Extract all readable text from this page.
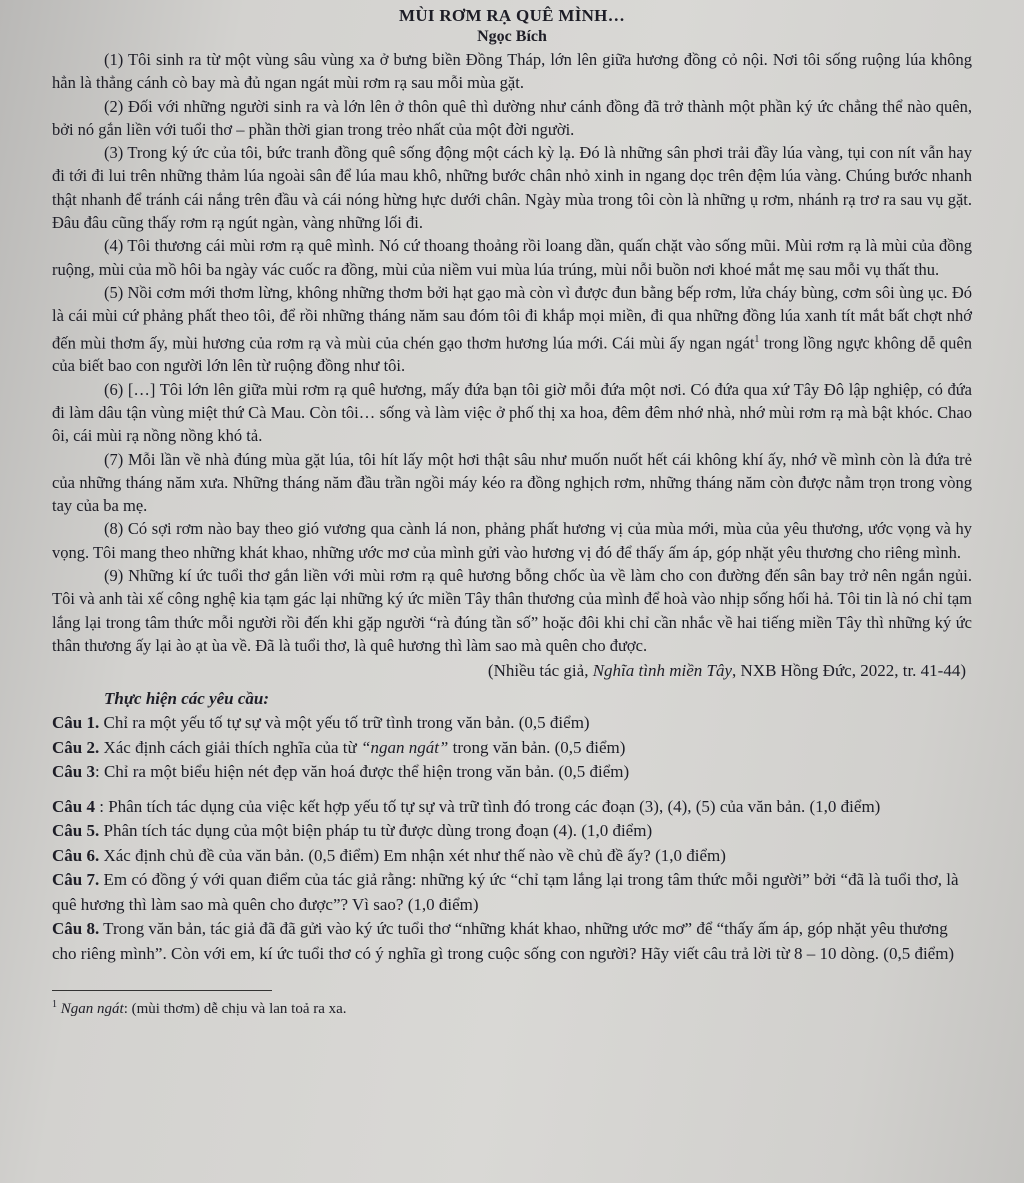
MÙI RƠM RẠ QUÊ MÌNH…
Ngọc Bích

(1) Tôi sinh ra từ một vùng sâu vùng xa ở bưng biền Đồng Tháp, lớn lên giữa hương đồng cỏ nội. Nơi tôi sống ruộng lúa không hẳn là thẳng cánh cò bay mà đủ ngan ngát mùi rơm rạ sau mỗi mùa gặt.

(2) Đối với những người sinh ra và lớn lên ở thôn quê thì dường như cánh đồng đã trở thành một phần ký ức chẳng thể nào quên, bởi nó gắn liền với tuổi thơ – phần thời gian trong trẻo nhất của một đời người.

(3) Trong ký ức của tôi, bức tranh đồng quê sống động một cách kỳ lạ. Đó là những sân phơi trải đầy lúa vàng, tụi con nít vẫn hay đi tới đi lui trên những thảm lúa ngoài sân để lúa mau khô, những bước chân nhỏ xinh in ngang dọc trên đệm lúa vàng. Chúng bước nhanh thật nhanh để tránh cái nắng trên đầu và cái nóng hừng hực dưới chân. Ngày mùa trong tôi còn là những ụ rơm, nhánh rạ trơ ra sau vụ gặt. Đâu đâu cũng thấy rơm rạ ngút ngàn, vàng những lối đi.

(4) Tôi thương cái mùi rơm rạ quê mình. Nó cứ thoang thoảng rồi loang dần, quấn chặt vào sống mũi. Mùi rơm rạ là mùi của đồng ruộng, mùi của mồ hôi ba ngày vác cuốc ra đồng, mùi của niềm vui mùa lúa trúng, mùi nỗi buồn nơi khoé mắt mẹ sau mỗi vụ thất thu.

(5) Nồi cơm mới thơm lừng, không những thơm bởi hạt gạo mà còn vì được đun bằng bếp rơm, lửa cháy bùng, cơm sôi ùng ục. Đó là cái mùi cứ phảng phất theo tôi, để rồi những tháng năm sau đóm tôi đi khắp mọi miền, đi qua những đồng lúa xanh tít mắt bất chợt nhớ đến mùi thơm ấy, mùi hương của rơm rạ và mùi của chén gạo thơm hương lúa mới. Cái mùi ấy ngan ngát$^1$ trong lồng ngực không dễ quên của biết bao con người lớn lên từ ruộng đồng như tôi.

(6) […] Tôi lớn lên giữa mùi rơm rạ quê hương, mấy đứa bạn tôi giờ mỗi đứa một nơi. Có đứa qua xứ Tây Đô lập nghiệp, có đứa đi làm dâu tận vùng miệt thứ Cà Mau. Còn tôi… sống và làm việc ở phố thị xa hoa, đêm đêm nhớ nhà, nhớ mùi rơm rạ mà bật khóc. Chao ôi, cái mùi rạ nồng nồng khó tả.

(7) Mỗi lần về nhà đúng mùa gặt lúa, tôi hít lấy một hơi thật sâu như muốn nuốt hết cái không khí ấy, nhớ về mình còn là đứa trẻ của những tháng năm xưa. Những tháng năm đầu trần ngồi máy kéo ra đồng nghịch rơm, những tháng năm còn được nằm trọn trong vòng tay của ba mẹ.

(8) Có sợi rơm nào bay theo gió vương qua cành lá non, phảng phất hương vị của mùa mới, mùa của yêu thương, ước vọng và hy vọng. Tôi mang theo những khát khao, những ước mơ của mình gửi vào hương vị đó để thấy ấm áp, góp nhặt yêu thương cho riêng mình.

(9) Những kí ức tuổi thơ gắn liền với mùi rơm rạ quê hương bỗng chốc ùa về làm cho con đường đến sân bay trở nên ngắn ngủi. Tôi và anh tài xế công nghệ kia tạm gác lại những ký ức miền Tây thân thương của mình để hoà vào nhịp sống hối hả. Tôi tin là nó chỉ tạm lắng lại trong tâm thức mỗi người rồi đến khi gặp người “rà đúng tần số” hoặc đôi khi chỉ cần nhắc về hai tiếng miền Tây thì những ký ức thân thương ấy lại ào ạt ùa về. Đã là tuổi thơ, là quê hương thì làm sao mà quên cho được.

(Nhiều tác giả, Nghĩa tình miền Tây, NXB Hồng Đức, 2022, tr. 41-44)
Thực hiện các yêu cầu:

Câu 1. Chỉ ra một yếu tố tự sự và một yếu tố trữ tình trong văn bản. (0,5 điểm)

Câu 2. Xác định cách giải thích nghĩa của từ “ngan ngát” trong văn bản. (0,5 điểm)

Câu 3: Chỉ ra một biểu hiện nét đẹp văn hoá được thể hiện trong văn bản. (0,5 điểm)

Câu 4 : Phân tích tác dụng của việc kết hợp yếu tố tự sự và trữ tình đó trong các đoạn (3), (4), (5) của văn bản. (1,0 điểm)

Câu 5. Phân tích tác dụng của một biện pháp tu từ được dùng trong đoạn (4). (1,0 điểm)

Câu 6. Xác định chủ đề của văn bản. (0,5 điểm) Em nhận xét như thế nào về chủ đề ấy? (1,0 điểm)

Câu 7. Em có đồng ý với quan điểm của tác giả rằng: những ký ức “chỉ tạm lắng lại trong tâm thức mỗi người” bởi “đã là tuổi thơ, là quê hương thì làm sao mà quên cho được”? Vì sao? (1,0 điểm)

Câu 8. Trong văn bản, tác giả đã đã gửi vào ký ức tuổi thơ “những khát khao, những ước mơ” để “thấy ấm áp, góp nhặt yêu thương cho riêng mình”. Còn với em, kí ức tuổi thơ có ý nghĩa gì trong cuộc sống con người? Hãy viết câu trả lời từ 8 – 10 dòng. (0,5 điểm)

$^1$ Ngan ngát: (mùi thơm) dễ chịu và lan toả ra xa.
